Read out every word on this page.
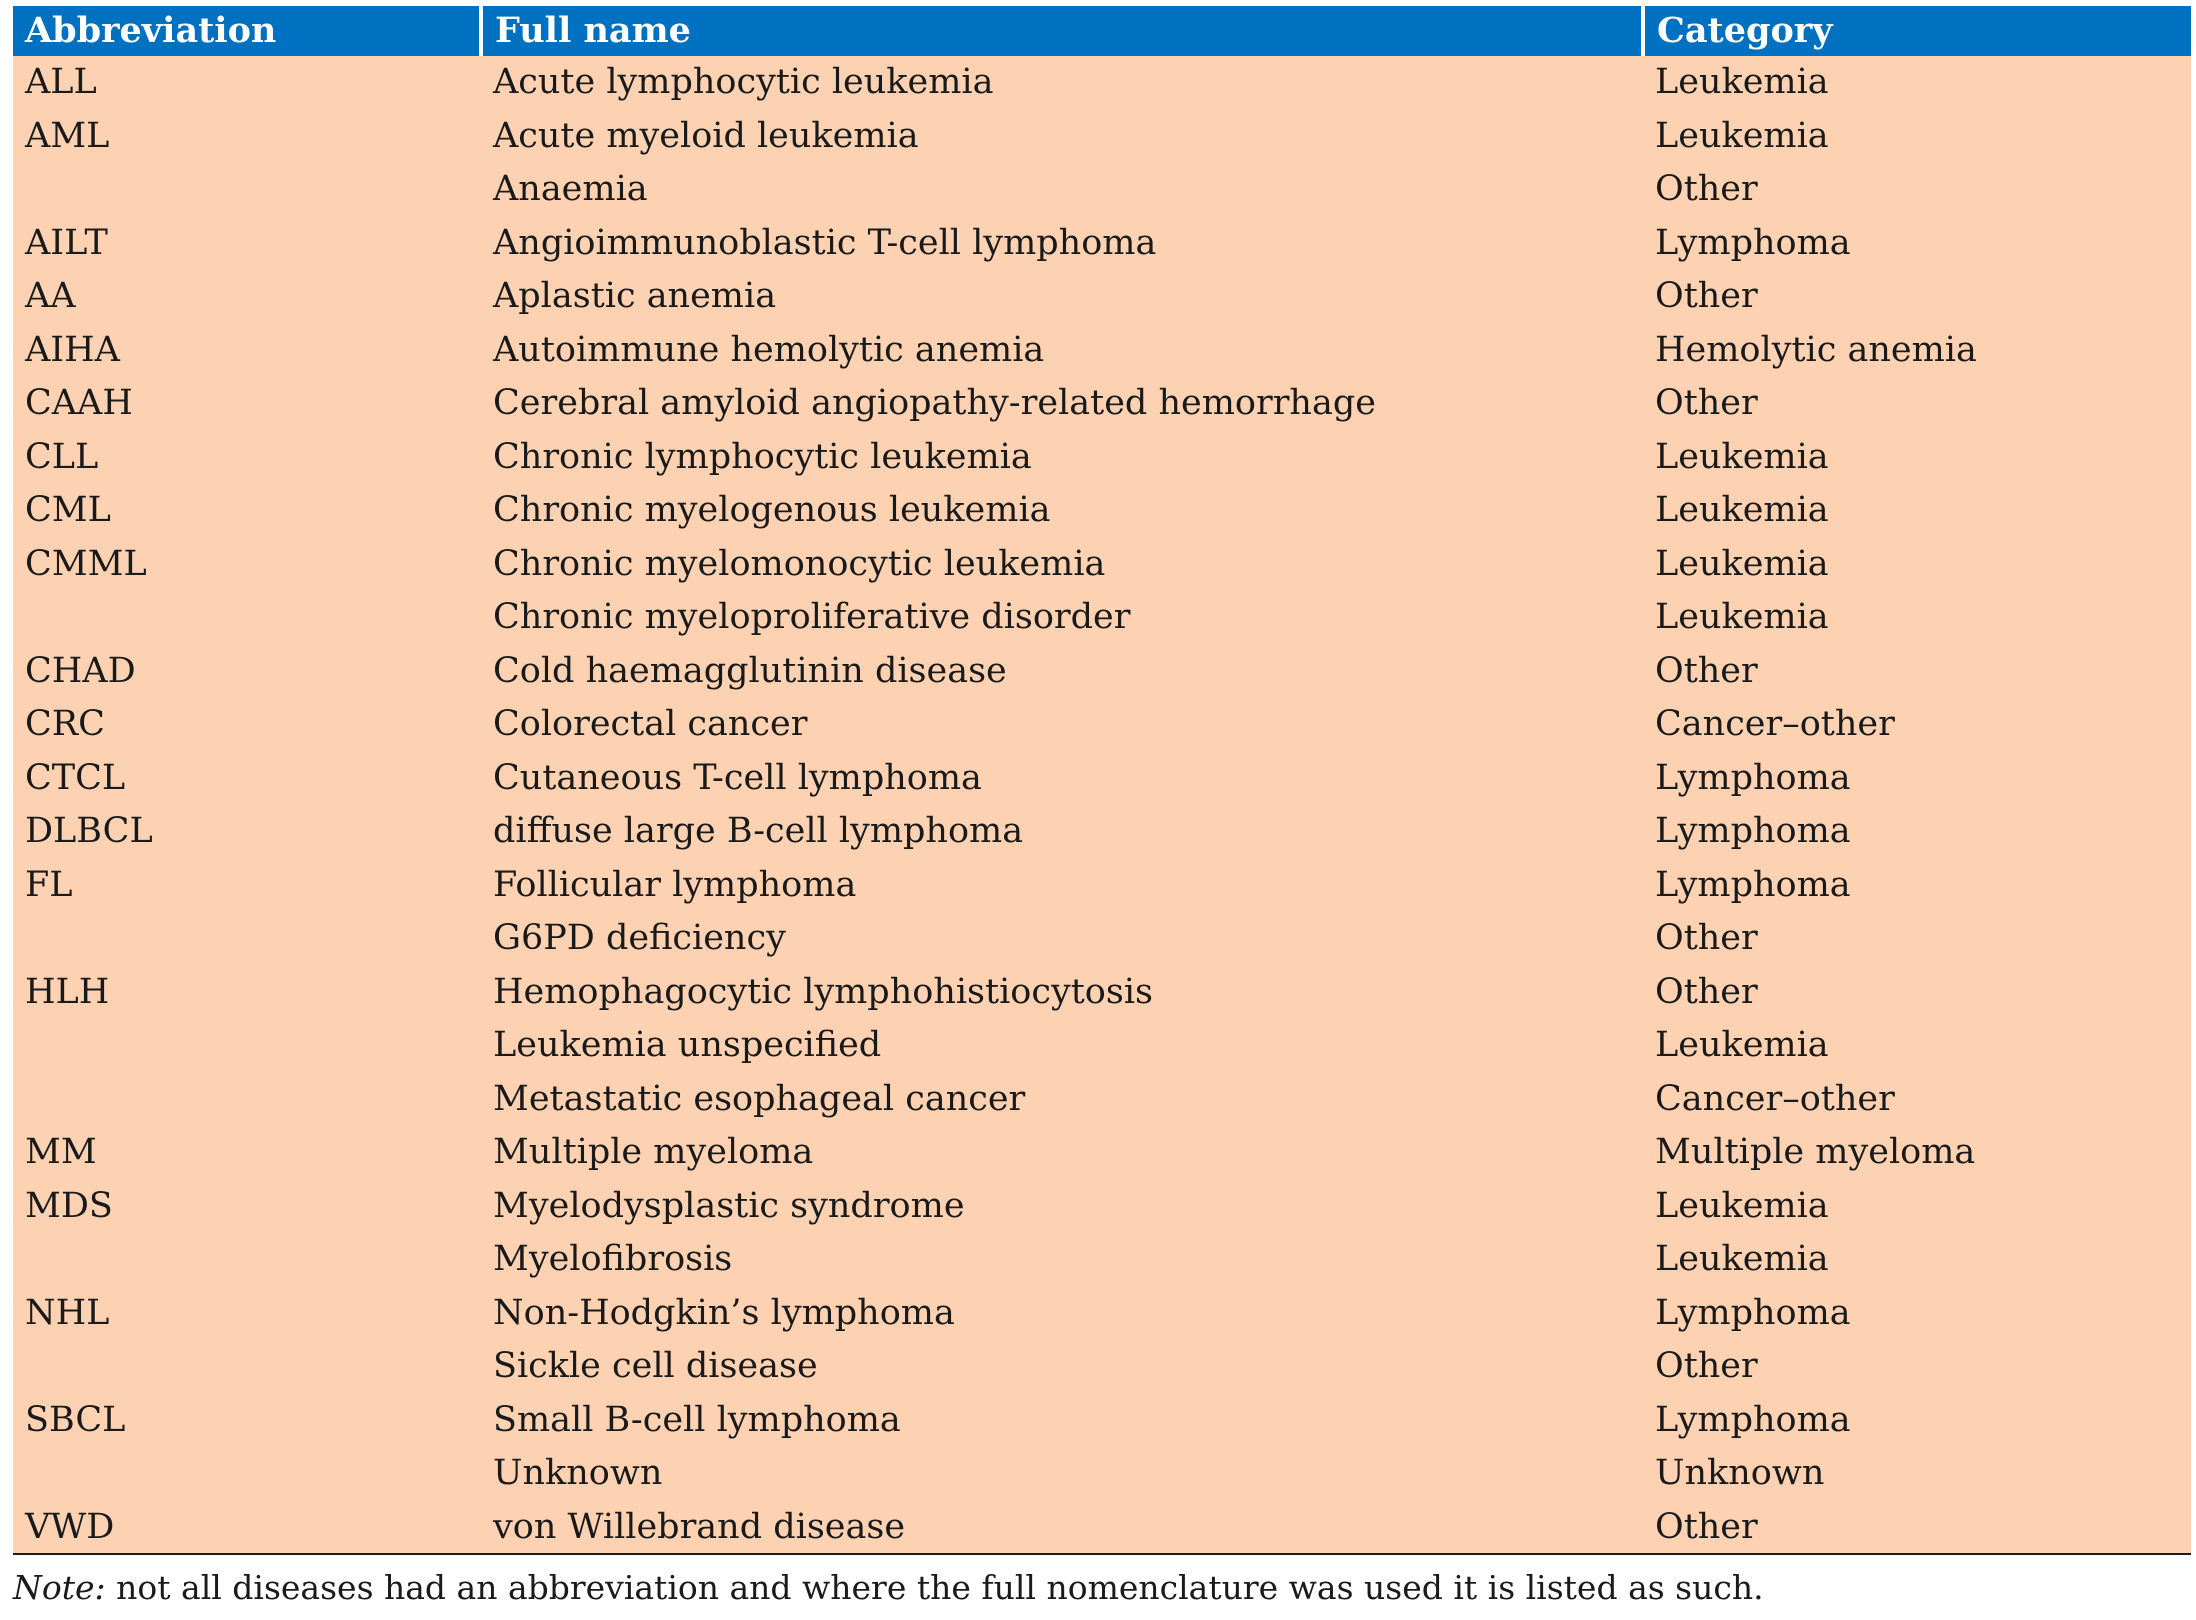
Abbreviation	Full name	Category
ALL	Acute lymphocytic leukemia	Leukemia
AML	Acute myeloid leukemia	Leukemia
	Anaemia	Other
AILT	Angioimmunoblastic T-cell lymphoma	Lymphoma
AA	Aplastic anemia	Other
AIHA	Autoimmune hemolytic anemia	Hemolytic anemia
CAAH	Cerebral amyloid angiopathy-related hemorrhage	Other
CLL	Chronic lymphocytic leukemia	Leukemia
CML	Chronic myelogenous leukemia	Leukemia
CMML	Chronic myelomonocytic leukemia	Leukemia
	Chronic myeloproliferative disorder	Leukemia
CHAD	Cold haemagglutinin disease	Other
CRC	Colorectal cancer	Cancer–other
CTCL	Cutaneous T-cell lymphoma	Lymphoma
DLBCL	diffuse large B-cell lymphoma	Lymphoma
FL	Follicular lymphoma	Lymphoma
	G6PD deficiency	Other
HLH	Hemophagocytic lymphohistiocytosis	Other
	Leukemia unspecified	Leukemia
	Metastatic esophageal cancer	Cancer–other
MM	Multiple myeloma	Multiple myeloma
MDS	Myelodysplastic syndrome	Leukemia
	Myelofibrosis	Leukemia
NHL	Non-Hodgkin’s lymphoma	Lymphoma
	Sickle cell disease	Other
SBCL	Small B-cell lymphoma	Lymphoma
	Unknown	Unknown
VWD	von Willebrand disease	Other
Note: not all diseases had an abbreviation and where the full nomenclature was used it is listed as such.
